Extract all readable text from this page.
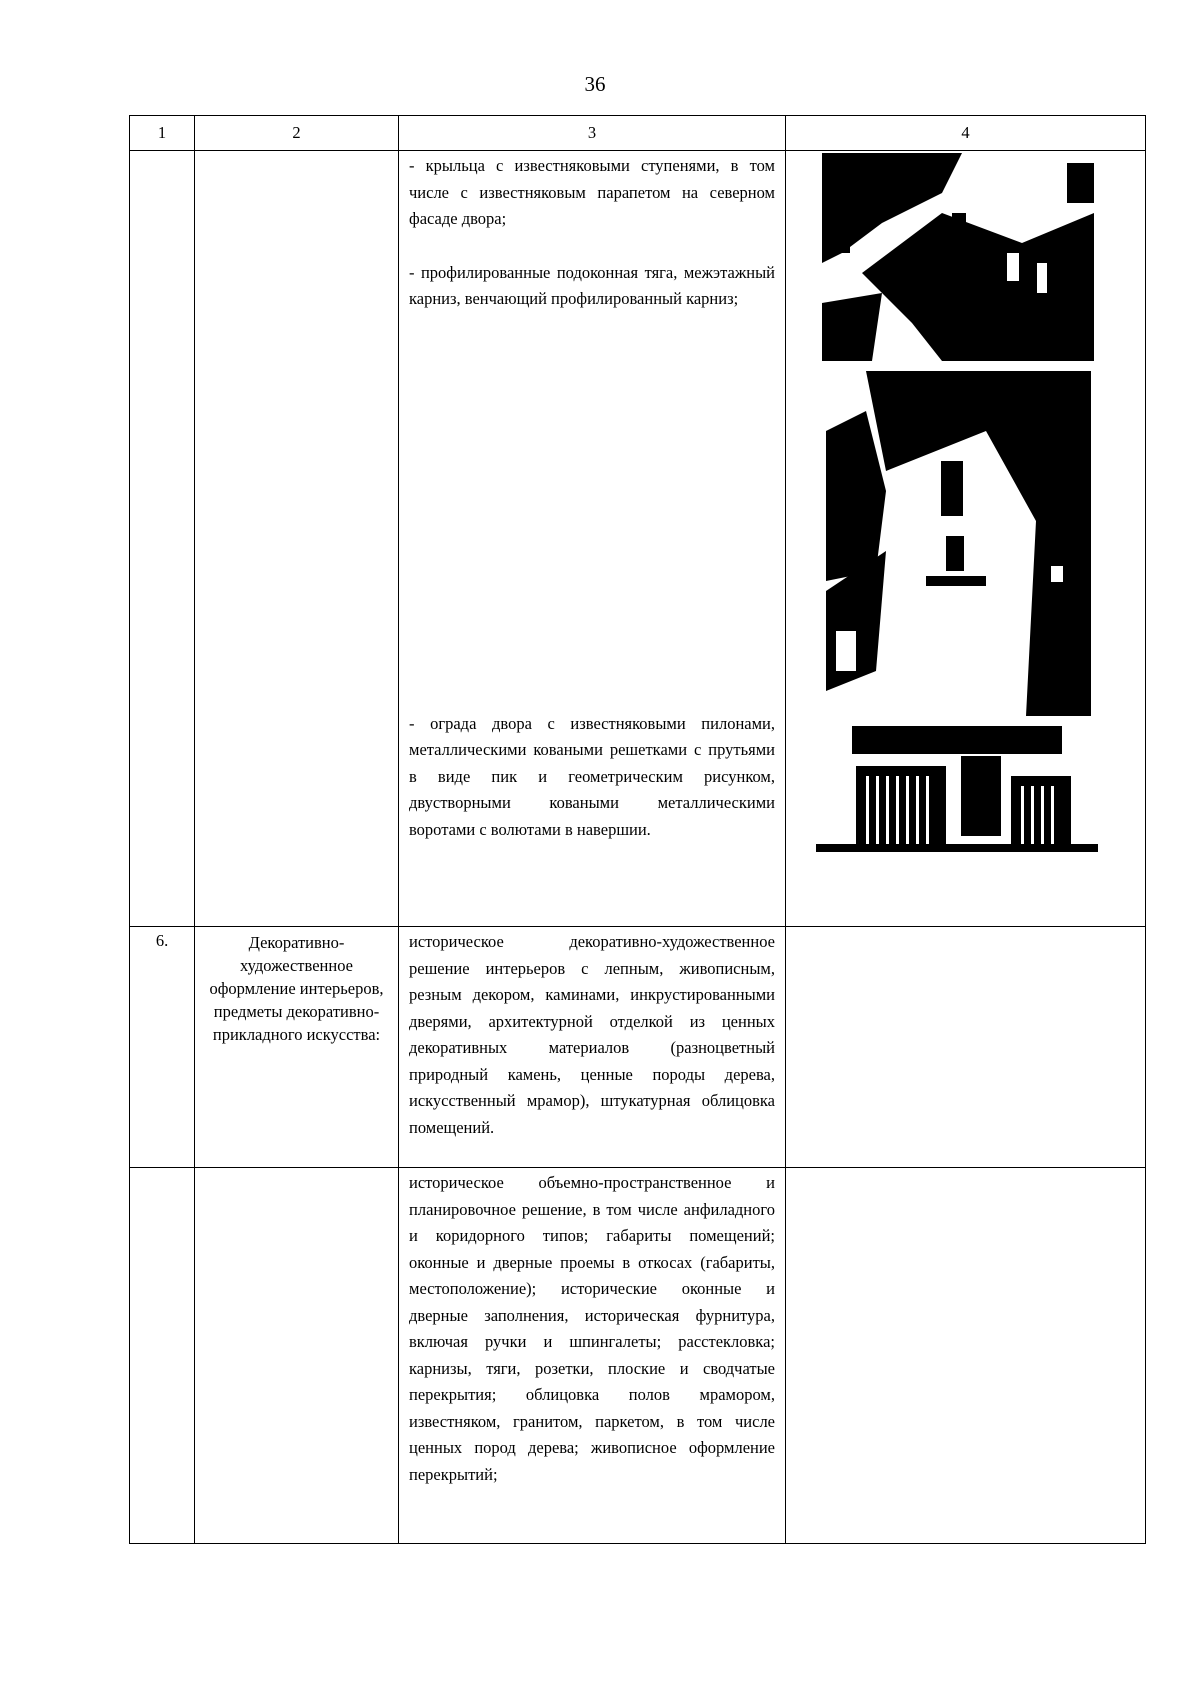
36
1	2	3	4

		- крыльца с известняковыми ступенями, в том числе с известняковым парапетом на северном фасаде двора;
- профилированные подоконная тяга, межэтажный карниз, венчающий профилированный карниз;
- ограда двора с известняковыми пилонами, металлическими коваными решетками с прутьями в виде пик и геометрическим рисунком, двустворными коваными металлическими воротами с волютами в навершии.

6.	Декоративно-художественное оформление интерьеров, предметы декоративно-прикладного искусства:	историческое декоративно-художественное решение интерьеров с лепным, живописным, резным декором, каминами, инкрустированными дверями, архитектурной отделкой из ценных декоративных материалов (разноцветный природный камень, ценные породы дерева, искусственный мрамор), штукатурная облицовка помещений.	

		историческое объемно-пространственное и планировочное решение, в том числе анфиладного и коридорного типов; габариты помещений; оконные и дверные проемы в откосах (габариты, местоположение); исторические оконные и дверные заполнения, историческая фурнитура, включая ручки и шпингалеты; расстекловка; карнизы, тяги, розетки, плоские и сводчатые перекрытия; облицовка полов мрамором, известняком, гранитом, паркетом, в том числе ценных пород дерева; живописное оформление перекрытий;	
